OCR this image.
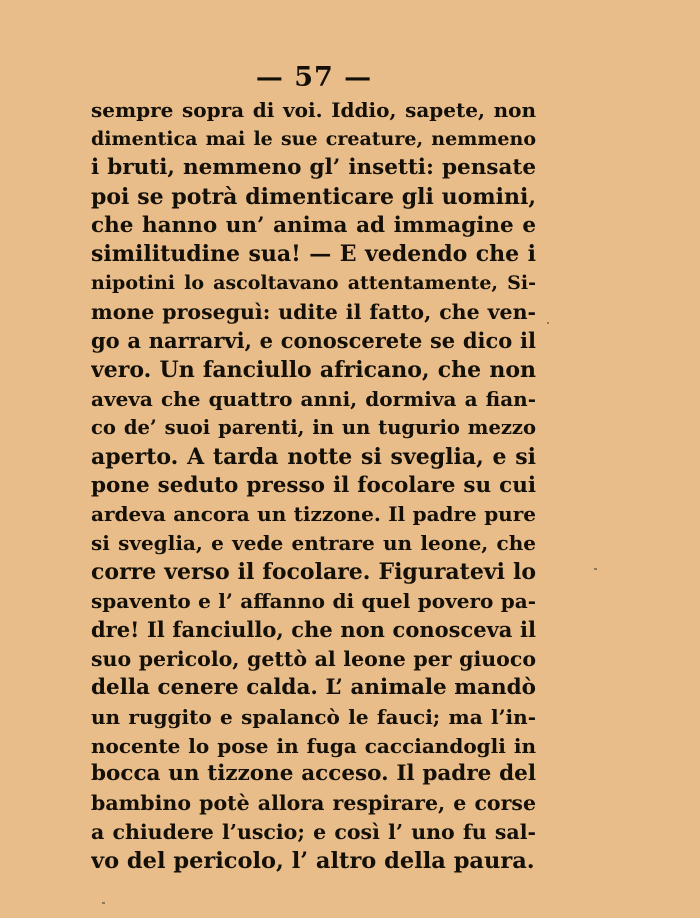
— 57 —
sempre sopra di voi. Iddio, sapete, non
dimentica mai le sue creature, nemmeno
i bruti, nemmeno gl’ insetti: pensate
poi se potrà dimenticare gli uomini,
che hanno un’ anima ad immagine e
similitudine sua! — E vedendo che i
nipotini lo ascoltavano attentamente, Si-
mone proseguì: udite il fatto, che ven-
go a narrarvi, e conoscerete se dico il
vero. Un fanciullo africano, che non
aveva che quattro anni, dormiva a fian-
co de’ suoi parenti, in un tugurio mezzo
aperto. A tarda notte si sveglia, e si
pone seduto presso il focolare su cui
ardeva ancora un tizzone. Il padre pure
si sveglia, e vede entrare un leone, che
corre verso il focolare. Figuratevi lo
spavento e l’ affanno di quel povero pa-
dre! Il fanciullo, che non conosceva il
suo pericolo, gettò al leone per giuoco
della cenere calda. L’ animale mandò
un ruggito e spalancò le fauci; ma l’in-
nocente lo pose in fuga cacciandogli in
bocca un tizzone acceso. Il padre del
bambino potè allora respirare, e corse
a chiudere l’uscio; e così l’ uno fu sal-
vo del pericolo, l’ altro della paura.
